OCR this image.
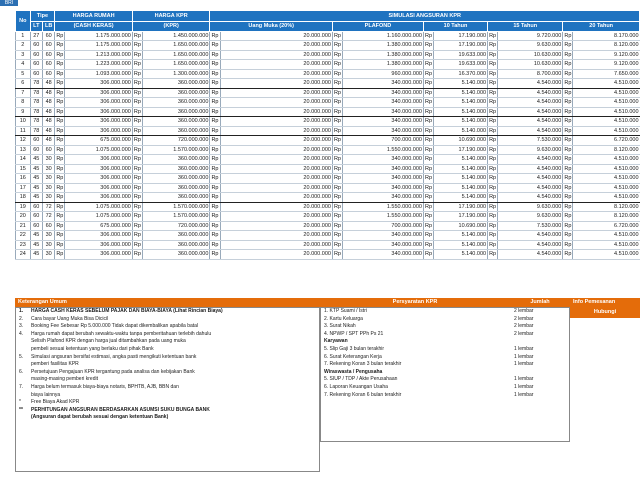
BRI
No	Tipe		HARGA RUMAH		HARGA KPR		SIMULASI ANGSURAN KPR									
	LT	LB	(CASH KERAS)		(KPR)		Uang Muka (20%)		PLAFOND		10 Tahun		15 Tahun		20 Tahun	
1	27	60	Rp	1.175.000.000	Rp	1.450.000.000	Rp	20.000.000	Rp	1.160.000.000	Rp	17.190.000	Rp	9.720.000	Rp	8.170.000
2	60	60	Rp	1.175.000.000	Rp	1.650.000.000	Rp	20.000.000	Rp	1.380.000.000	Rp	17.190.000	Rp	9.630.000	Rp	8.120.000
3	60	60	Rp	1.213.000.000	Rp	1.650.000.000	Rp	20.000.000	Rp	1.380.000.000	Rp	19.633.000	Rp	10.630.000	Rp	9.120.000
4	60	60	Rp	1.223.000.000	Rp	1.650.000.000	Rp	20.000.000	Rp	1.380.000.000	Rp	19.633.000	Rp	10.630.000	Rp	9.120.000
5	60	60	Rp	1.093.000.000	Rp	1.300.000.000	Rp	20.000.000	Rp	960.000.000	Rp	16.370.000	Rp	8.700.000	Rp	7.650.000
6	78	48	Rp	306.000.000	Rp	360.000.000	Rp	20.000.000	Rp	340.000.000	Rp	5.140.000	Rp	4.540.000	Rp	4.510.000
7	78	48	Rp	306.000.000	Rp	360.000.000	Rp	20.000.000	Rp	340.000.000	Rp	5.140.000	Rp	4.540.000	Rp	4.510.000
8	78	48	Rp	306.000.000	Rp	360.000.000	Rp	20.000.000	Rp	340.000.000	Rp	5.140.000	Rp	4.540.000	Rp	4.510.000
9	78	48	Rp	306.000.000	Rp	360.000.000	Rp	20.000.000	Rp	340.000.000	Rp	5.140.000	Rp	4.540.000	Rp	4.510.000
10	78	48	Rp	306.000.000	Rp	360.000.000	Rp	20.000.000	Rp	340.000.000	Rp	5.140.000	Rp	4.540.000	Rp	4.510.000
11	78	48	Rp	306.000.000	Rp	360.000.000	Rp	20.000.000	Rp	340.000.000	Rp	5.140.000	Rp	4.540.000	Rp	4.510.000
12	60	48	Rp	675.000.000	Rp	720.000.000	Rp	20.000.000	Rp	700.000.000	Rp	10.690.000	Rp	7.530.000	Rp	6.720.000
13	60	60	Rp	1.075.000.000	Rp	1.570.000.000	Rp	20.000.000	Rp	1.550.000.000	Rp	17.190.000	Rp	9.630.000	Rp	8.120.000
14	45	30	Rp	306.000.000	Rp	360.000.000	Rp	20.000.000	Rp	340.000.000	Rp	5.140.000	Rp	4.540.000	Rp	4.510.000
15	45	30	Rp	306.000.000	Rp	360.000.000	Rp	20.000.000	Rp	340.000.000	Rp	5.140.000	Rp	4.540.000	Rp	4.510.000
16	45	30	Rp	306.000.000	Rp	360.000.000	Rp	20.000.000	Rp	340.000.000	Rp	5.140.000	Rp	4.540.000	Rp	4.510.000
17	45	30	Rp	306.000.000	Rp	360.000.000	Rp	20.000.000	Rp	340.000.000	Rp	5.140.000	Rp	4.540.000	Rp	4.510.000
18	45	30	Rp	306.000.000	Rp	360.000.000	Rp	20.000.000	Rp	340.000.000	Rp	5.140.000	Rp	4.540.000	Rp	4.510.000
19	60	72	Rp	1.075.000.000	Rp	1.570.000.000	Rp	20.000.000	Rp	1.550.000.000	Rp	17.190.000	Rp	9.630.000	Rp	8.120.000
20	60	72	Rp	1.075.000.000	Rp	1.570.000.000	Rp	20.000.000	Rp	1.550.000.000	Rp	17.190.000	Rp	9.630.000	Rp	8.120.000
21	60	60	Rp	675.000.000	Rp	720.000.000	Rp	20.000.000	Rp	700.000.000	Rp	10.690.000	Rp	7.530.000	Rp	6.720.000
22	45	30	Rp	306.000.000	Rp	360.000.000	Rp	20.000.000	Rp	340.000.000	Rp	5.140.000	Rp	4.540.000	Rp	4.510.000
23	45	30	Rp	306.000.000	Rp	360.000.000	Rp	20.000.000	Rp	340.000.000	Rp	5.140.000	Rp	4.540.000	Rp	4.510.000
24	45	30	Rp	306.000.000	Rp	360.000.000	Rp	20.000.000	Rp	340.000.000	Rp	5.140.000	Rp	4.540.000	Rp	4.510.000
Keterangan Umum
1. HARGA CASH KERAS SEBELUM PAJAK DAN BIAYA-BIAYA (Lihat Rincian Biaya)
2. Cara bayar Uang Muka Bisa Dicicil
3. Booking Fee Sebesar Rp 5.000.000 Tidak dapat dikembalikan apabila batal
4. Harga rumah dapat berubah sewaktu-waktu tanpa pemberitahuan terlebih dahulu
Selisih Plafond KPR dengan harga jual ditambahkan pada uang muka
pembeli sesuai ketentuan yang berlaku dari pihak Bank
5. Simulasi angsuran bersifat estimasi, angka pasti mengikuti ketentuan bank
pemberi fasilitas KPR
6. Persetujuan Pengajuan KPR tergantung pada analisa dan kebijakan Bank
masing-masing pemberi kredit
7. Harga belum termasuk biaya-biaya notaris, BPHTB, AJB, BBN dan
biaya lainnya
* Free Biaya Akad KPR
** PERHITUNGAN ANGSURAN BERDASARKAN ASUMSI SUKU BUNGA BANK
(Angsuran dapat berubah sesuai dengan ketentuan Bank)
Persyaratan KPR	Jumlah
1. KTP Suami / Istri	2 lembar
2. Kartu Keluarga	2 lembar
3. Surat Nikah	2 lembar
4. NPWP / SPT PPh Ps 21	2 lembar
Karyawan
5. Slip Gaji 3 bulan terakhir	1 lembar
6. Surat Keterangan Kerja	1 lembar
7. Rekening Koran 3 bulan terakhir	1 lembar
Wiraswasta / Pengusaha
5. SIUP / TDP / Akte Perusahaan	1 lembar
6. Laporan Keuangan Usaha	1 lembar
7. Rekening Koran 6 bulan terakhir	1 lembar
Info Pemesanan
Hubungi
